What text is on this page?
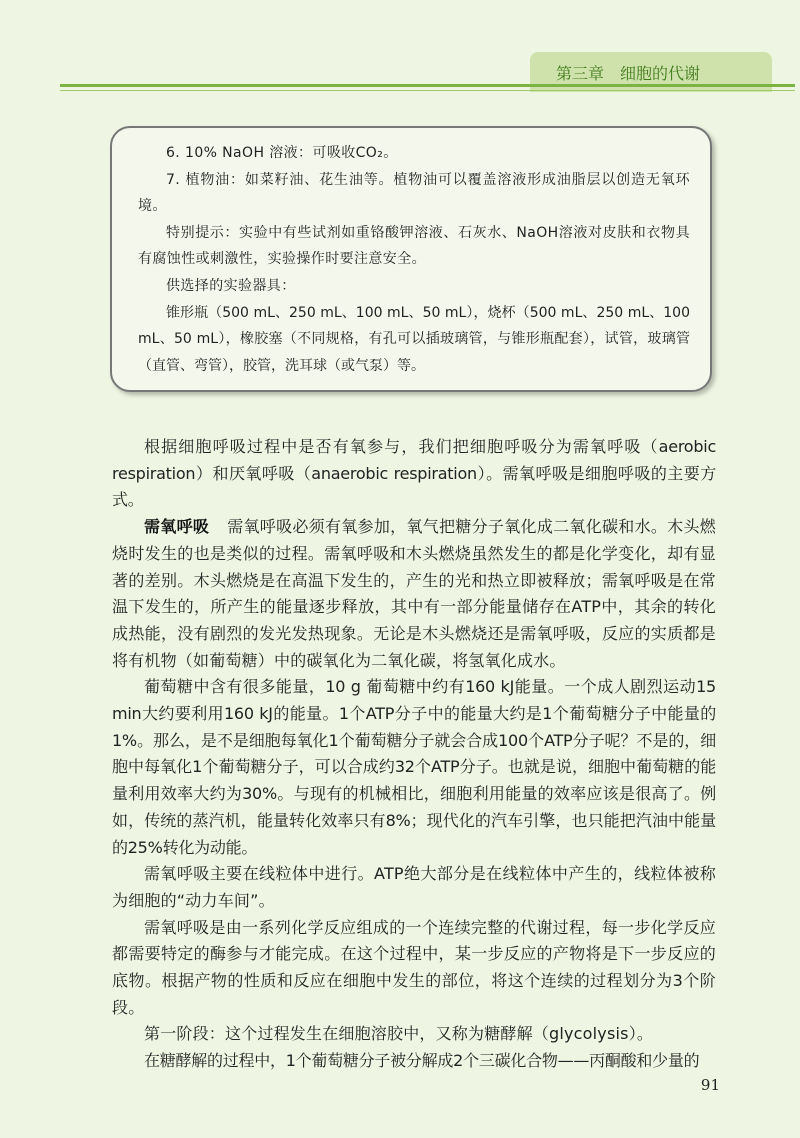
第三章 细胞的代谢

6. 10% NaOH 溶液：可吸收CO₂。

7. 植物油：如菜籽油、花生油等。植物油可以覆盖溶液形成油脂层以创造无氧环境。

特别提示：实验中有些试剂如重铬酸钾溶液、石灰水、NaOH溶液对皮肤和衣物具有腐蚀性或刺激性，实验操作时要注意安全。

供选择的实验器具：

锥形瓶（500 mL、250 mL、100 mL、50 mL），烧杯（500 mL、250 mL、100 mL、50 mL），橡胶塞（不同规格，有孔可以插玻璃管，与锥形瓶配套），试管，玻璃管（直管、弯管），胶管，洗耳球（或气泵）等。

根据细胞呼吸过程中是否有氧参与，我们把细胞呼吸分为需氧呼吸（aerobic respiration）和厌氧呼吸（anaerobic respiration）。需氧呼吸是细胞呼吸的主要方式。

需氧呼吸 需氧呼吸必须有氧参加，氧气把糖分子氧化成二氧化碳和水。木头燃烧时发生的也是类似的过程。需氧呼吸和木头燃烧虽然发生的都是化学变化，却有显著的差别。木头燃烧是在高温下发生的，产生的光和热立即被释放；需氧呼吸是在常温下发生的，所产生的能量逐步释放，其中有一部分能量储存在ATP中，其余的转化成热能，没有剧烈的发光发热现象。无论是木头燃烧还是需氧呼吸，反应的实质都是将有机物（如葡萄糖）中的碳氧化为二氧化碳，将氢氧化成水。

葡萄糖中含有很多能量，10 g 葡萄糖中约有160 kJ能量。一个成人剧烈运动15 min大约要利用160 kJ的能量。1个ATP分子中的能量大约是1个葡萄糖分子中能量的1%。那么，是不是细胞每氧化1个葡萄糖分子就会合成100个ATP分子呢？不是的，细胞中每氧化1个葡萄糖分子，可以合成约32个ATP分子。也就是说，细胞中葡萄糖的能量利用效率大约为30%。与现有的机械相比，细胞利用能量的效率应该是很高了。例如，传统的蒸汽机，能量转化效率只有8%；现代化的汽车引擎，也只能把汽油中能量的25%转化为动能。

需氧呼吸主要在线粒体中进行。ATP绝大部分是在线粒体中产生的，线粒体被称为细胞的“动力车间”。

需氧呼吸是由一系列化学反应组成的一个连续完整的代谢过程，每一步化学反应都需要特定的酶参与才能完成。在这个过程中，某一步反应的产物将是下一步反应的底物。根据产物的性质和反应在细胞中发生的部位，将这个连续的过程划分为3个阶段。

第一阶段：这个过程发生在细胞溶胶中，又称为糖酵解（glycolysis）。

在糖酵解的过程中，1个葡萄糖分子被分解成2个三碳化合物——丙酮酸和少量的

91
